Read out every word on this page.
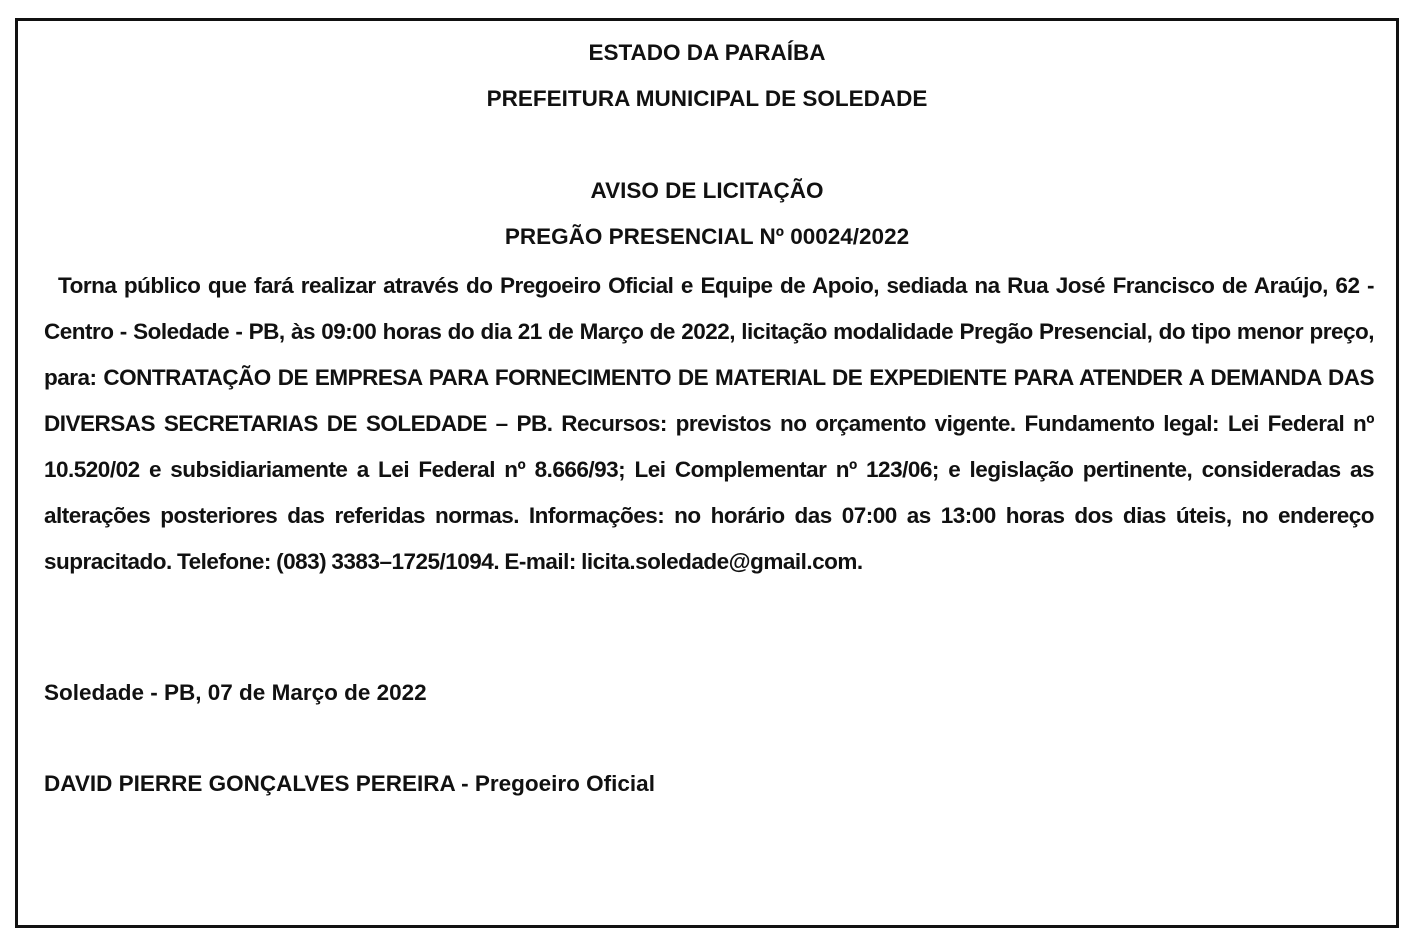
ESTADO DA PARAÍBA
PREFEITURA MUNICIPAL DE SOLEDADE
AVISO DE LICITAÇÃO
PREGÃO PRESENCIAL Nº 00024/2022
Torna público que fará realizar através do Pregoeiro Oficial e Equipe de Apoio, sediada na Rua José Francisco de Araújo, 62 - Centro - Soledade - PB, às 09:00 horas do dia 21 de Março de 2022, licitação modalidade Pregão Presencial, do tipo menor preço, para: CONTRATAÇÃO DE EMPRESA PARA FORNECIMENTO DE MATERIAL DE EXPEDIENTE PARA ATENDER A DEMANDA DAS DIVERSAS SECRETARIAS DE SOLEDADE – PB. Recursos: previstos no orçamento vigente. Fundamento legal: Lei Federal nº 10.520/02 e subsidiariamente a Lei Federal nº 8.666/93; Lei Complementar nº 123/06; e legislação pertinente, consideradas as alterações posteriores das referidas normas. Informações: no horário das 07:00 as 13:00 horas dos dias úteis, no endereço supracitado. Telefone: (083) 3383–1725/1094. E-mail: licita.soledade@gmail.com.
Soledade - PB, 07 de Março de 2022
DAVID PIERRE GONÇALVES PEREIRA - Pregoeiro Oficial
